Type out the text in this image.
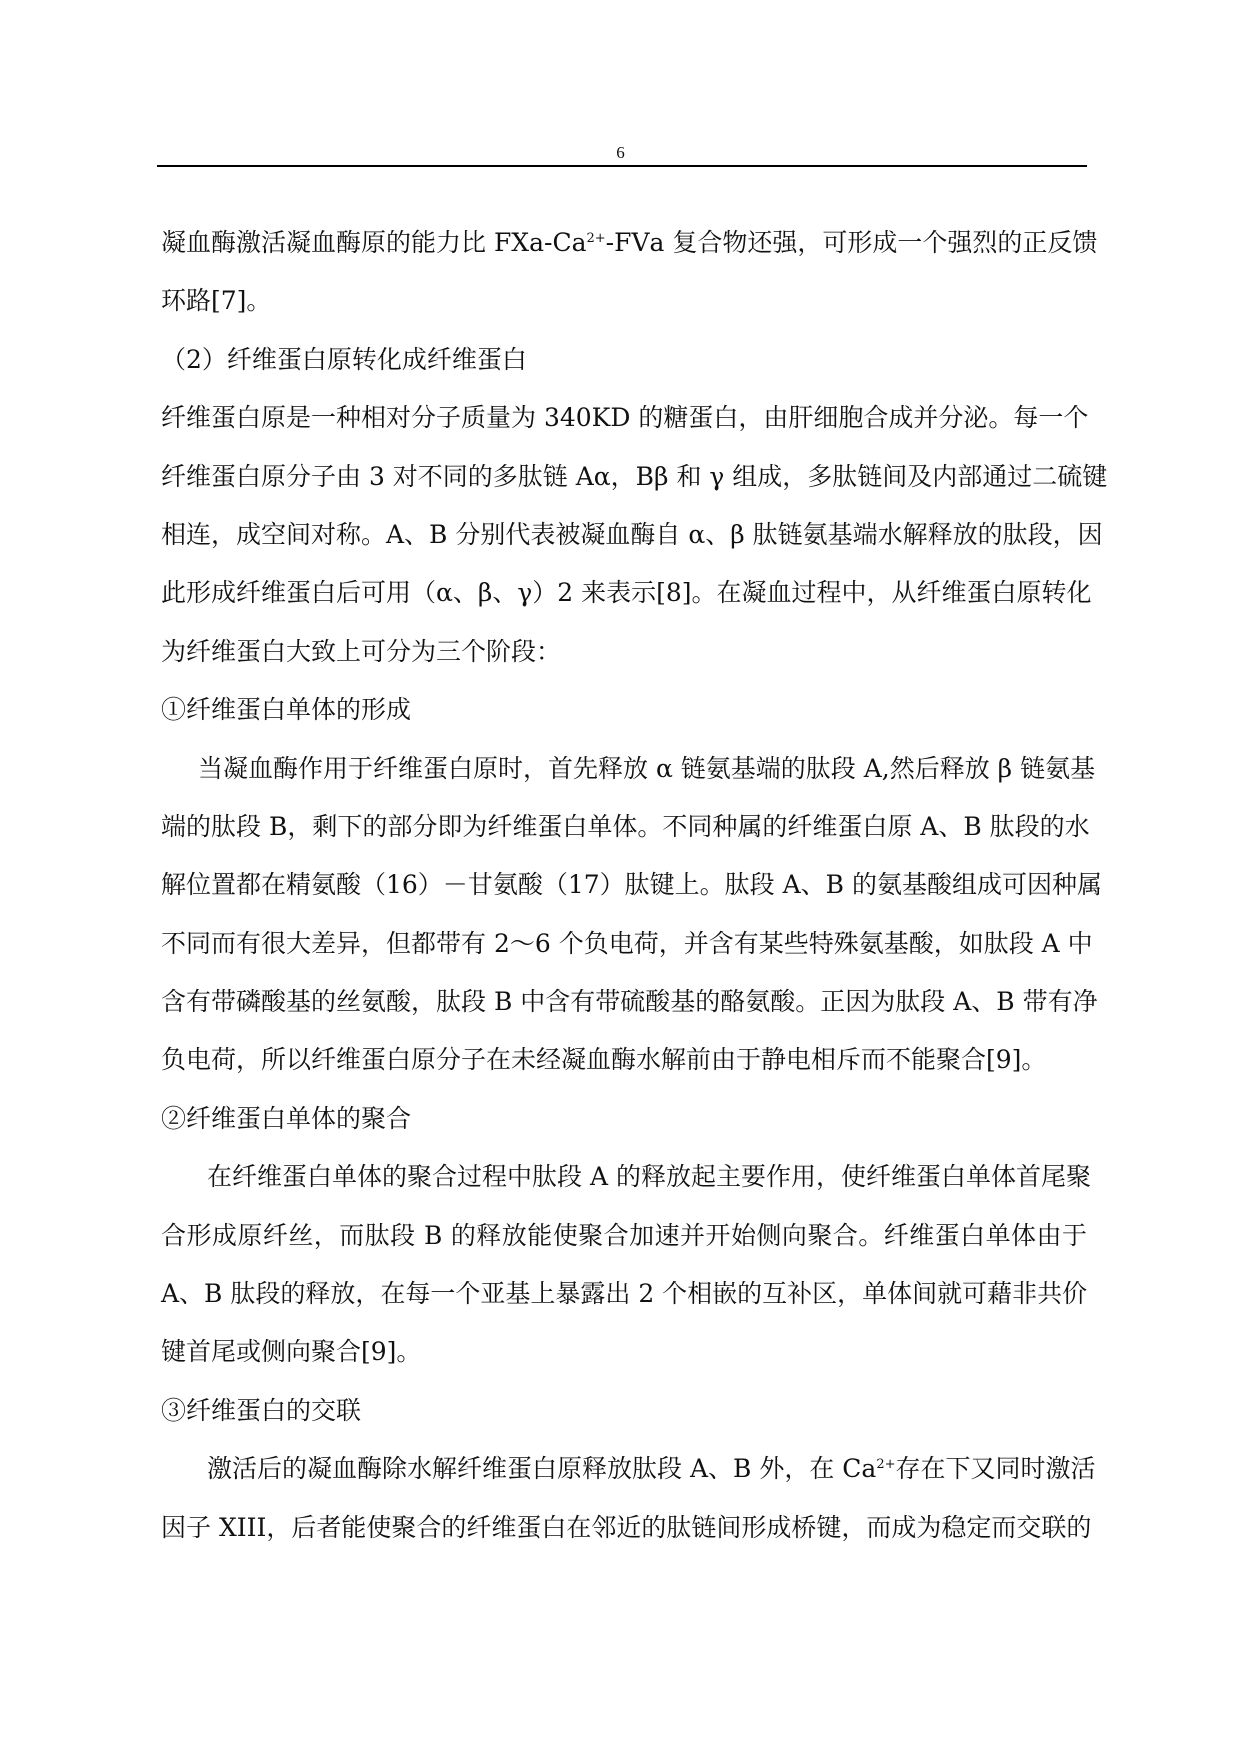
6
凝血酶激活凝血酶原的能力比 FⅩa-$Ca^{2+}$-FⅤa 复合物还强，可形成一个强烈的正反馈
环路[7]。
（2）纤维蛋白原转化成纤维蛋白
纤维蛋白原是一种相对分子质量为 340KD 的糖蛋白，由肝细胞合成并分泌。每一个
纤维蛋白原分子由 3 对不同的多肽链 Aα，Bβ 和 γ 组成，多肽链间及内部通过二硫键
相连，成空间对称。A、B 分别代表被凝血酶自 α、β 肽链氨基端水解释放的肽段，因
此形成纤维蛋白后可用（α、β、γ）2 来表示[8]。在凝血过程中，从纤维蛋白原转化
为纤维蛋白大致上可分为三个阶段：
①纤维蛋白单体的形成
当凝血酶作用于纤维蛋白原时，首先释放 α 链氨基端的肽段 A,然后释放 β 链氨基
端的肽段 B，剩下的部分即为纤维蛋白单体。不同种属的纤维蛋白原 A、B 肽段的水
解位置都在精氨酸（16）－甘氨酸（17）肽键上。肽段 A、B 的氨基酸组成可因种属
不同而有很大差异，但都带有 2～6 个负电荷，并含有某些特殊氨基酸，如肽段 A 中
含有带磷酸基的丝氨酸，肽段 B 中含有带硫酸基的酪氨酸。正因为肽段 A、B 带有净
负电荷，所以纤维蛋白原分子在未经凝血酶水解前由于静电相斥而不能聚合[9]。
②纤维蛋白单体的聚合
在纤维蛋白单体的聚合过程中肽段 A 的释放起主要作用，使纤维蛋白单体首尾聚
合形成原纤丝，而肽段 B 的释放能使聚合加速并开始侧向聚合。纤维蛋白单体由于
A、B 肽段的释放，在每一个亚基上暴露出 2 个相嵌的互补区，单体间就可藉非共价
键首尾或侧向聚合[9]。
③纤维蛋白的交联
激活后的凝血酶除水解纤维蛋白原释放肽段 A、B 外，在 $Ca^{2+}$存在下又同时激活
因子 XIII，后者能使聚合的纤维蛋白在邻近的肽链间形成桥键，而成为稳定而交联的
